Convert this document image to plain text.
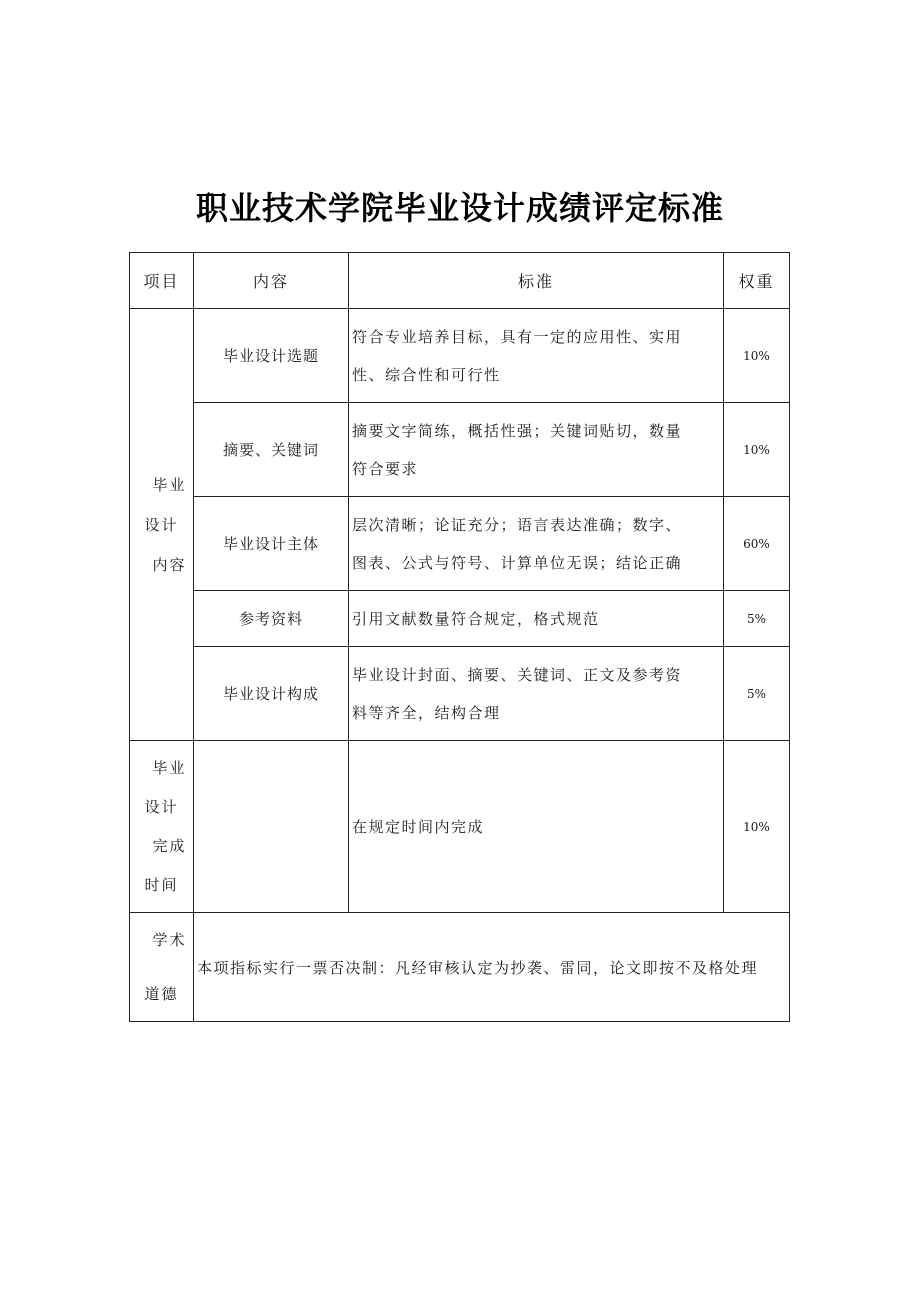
职业技术学院毕业设计成绩评定标准
项目	内容	标准	权重

毕业
设计
内容	毕业设计选题	符合专业培养目标，具有一定的应用性、实用
性、综合性和可行性	10%
	摘要、关键词	摘要文字简练，概括性强；关键词贴切，数量
符合要求	10%
	毕业设计主体	层次清晰；论证充分；语言表达准确；数字、
图表、公式与符号、计算单位无误；结论正确	60%
	参考资料	引用文献数量符合规定，格式规范	5%
	毕业设计构成	毕业设计封面、摘要、关键词、正文及参考资
料等齐全，结构合理	5%

毕业
设计
完成
时间		在规定时间内完成	10%

学术
道德	本项指标实行一票否决制：凡经审核认定为抄袭、雷同，论文即按不及格处理		
